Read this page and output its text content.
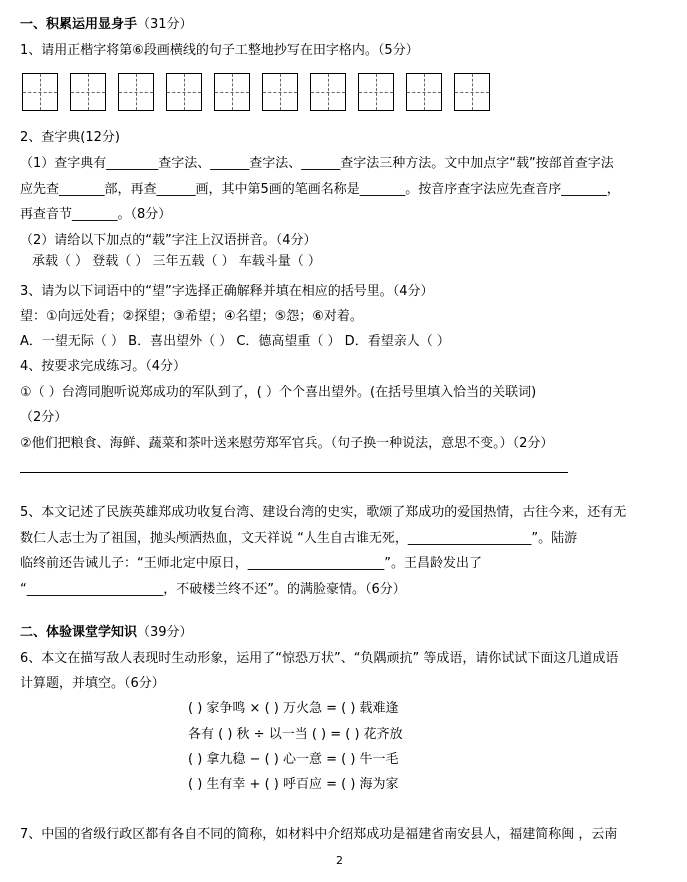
一、积累运用显身手（31分）
1、请用正楷字将第⑥段画横线的句子工整地抄写在田字格内。（5分）
2、查字典(12分)
（1）查字典有________查字法、______查字法、______查字法三种方法。文中加点字“载”按部首查字法
应先查_______部，再查______画，其中第5画的笔画名称是_______。按音序查字法应先查音序_______，
再查音节_______。（8分）
（2）请给以下加点的“载”字注上汉语拼音。（4分）
承载（ ） 登载（ ） 三年五载（ ） 车载斗量（ ）
3、请为以下词语中的“望”字选择正确解释并填在相应的括号里。（4分）
望：①向远处看；②探望；③希望；④名望；⑤怨；⑥对着。
A．一望无际（ ） B．喜出望外（ ） C．德高望重（ ） D．看望亲人（ ）
4、按要求完成练习。（4分）
①（ ）台湾同胞听说郑成功的军队到了，( ）个个喜出望外。(在括号里填入恰当的关联词)
（2分）
②他们把粮食、海鲜、蔬菜和茶叶送来慰劳郑军官兵。（句子换一种说法，意思不变。）（2分）
5、本文记述了民族英雄郑成功收复台湾、建设台湾的史实，歌颂了郑成功的爱国热情，古往今来，还有无
数仁人志士为了祖国，抛头颅洒热血，文天祥说 “人生自古谁无死，___________________”。陆游
临终前还告诫儿子：“王师北定中原日，_____________________”。王昌龄发出了
“_____________________，不破楼兰终不还”。的满脸豪情。（6分）
二、体验课堂学知识（39分）
6、本文在描写敌人表现时生动形象，运用了“惊恐万状”、“负隅顽抗” 等成语，请你试试下面这几道成语
计算题，并填空。（6分）
( ) 家争鸣 × ( ) 万火急 = ( ) 载难逢
各有 ( ) 秋 ÷ 以一当 ( ) = ( ) 花齐放
( ) 拿九稳 − ( ) 心一意 = ( ) 牛一毛
( ) 生有幸 + ( ) 呼百应 = ( ) 海为家
7、中国的省级行政区都有各自不同的简称，如材料中介绍郑成功是福建省南安县人，福建简称闽 ，云南
2
